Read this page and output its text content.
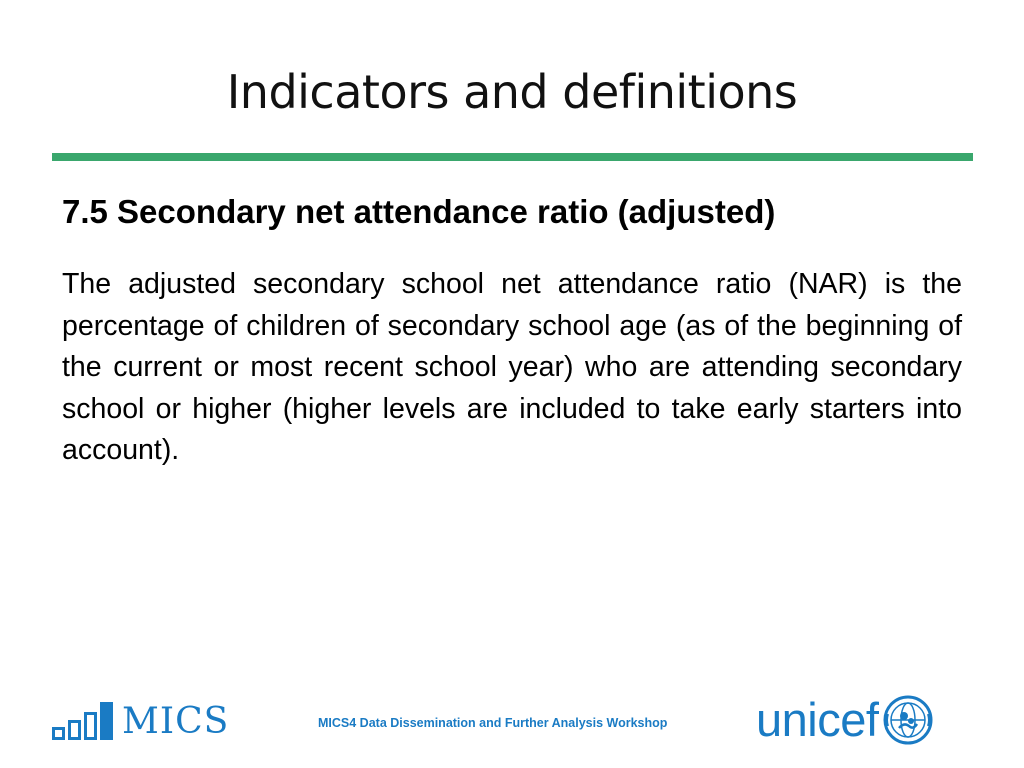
Indicators and definitions
7.5 Secondary net attendance ratio (adjusted)

The adjusted secondary school net attendance ratio (NAR) is the percentage of children of secondary school age (as of the beginning of the current or most recent school year) who are attending secondary school or higher (higher levels are included to take early starters into account).

MICS	MICS4 Data Dissemination and Further Analysis Workshop unicef
